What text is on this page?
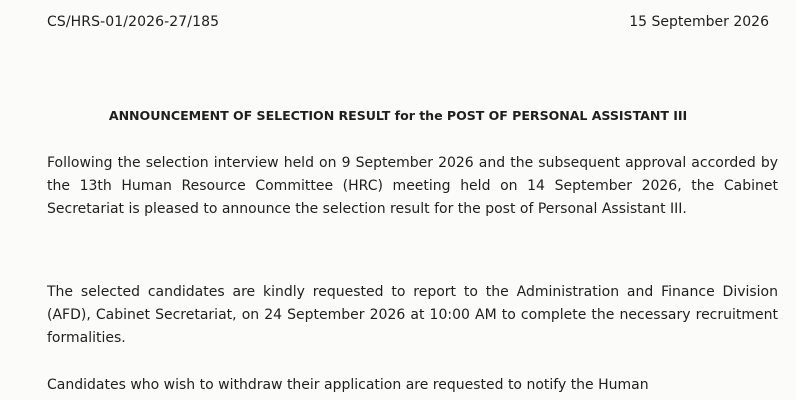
CS/HRS-01/2026-27/185	15 September 2026
ANNOUNCEMENT OF SELECTION RESULT for the POST OF PERSONAL ASSISTANT III
Following the selection interview held on 9 September 2026 and the subsequent approval accorded by the 13th Human Resource Committee (HRC) meeting held on 14 September 2026, the Cabinet Secretariat is pleased to announce the selection result for the post of Personal Assistant III.
The selected candidates are kindly requested to report to the Administration and Finance Division (AFD), Cabinet Secretariat, on 24 September 2026 at 10:00 AM to complete the necessary recruitment formalities.
Candidates who wish to withdraw their application are requested to notify the Human
